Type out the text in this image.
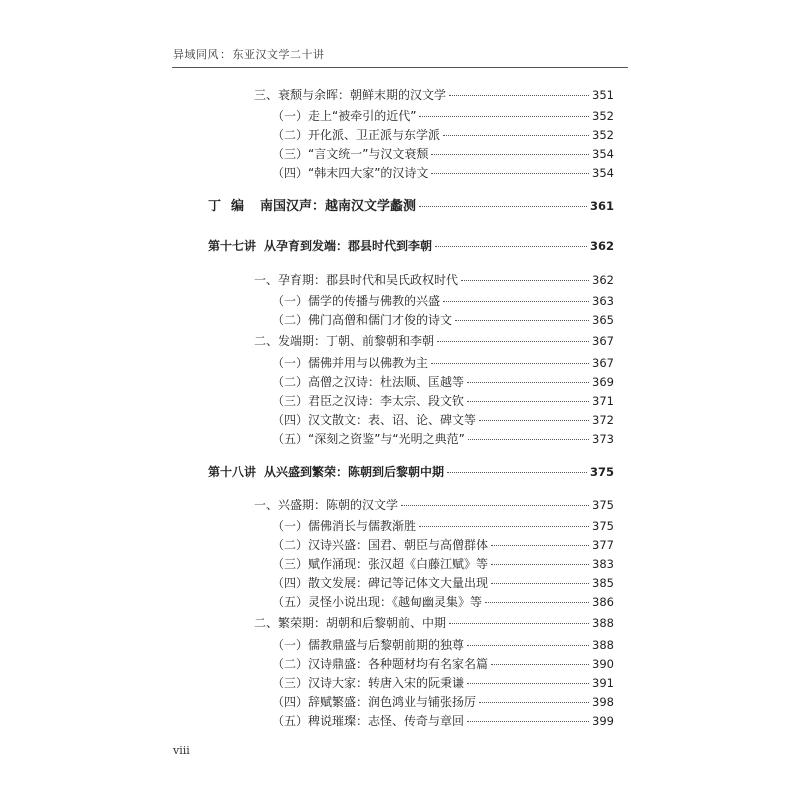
异域同风：东亚汉文学二十讲
三、衰颓与余晖：朝鲜末期的汉文学	351
（一）走上“被牵引的近代”	352
（二）开化派、卫正派与东学派	352
（三）“言文统一”与汉文衰颓	354
（四）“韩末四大家”的汉诗文	354
丁编 南国汉声：越南汉文学蠡测	361
第十七讲 从孕育到发端：郡县时代到李朝	362
一、孕育期：郡县时代和吴氏政权时代	362
（一）儒学的传播与佛教的兴盛	363
（二）佛门高僧和儒门才俊的诗文	365
二、发端期：丁朝、前黎朝和李朝	367
（一）儒佛并用与以佛教为主	367
（二）高僧之汉诗：杜法顺、匡越等	369
（三）君臣之汉诗：李太宗、段文钦	371
（四）汉文散文：表、诏、论、碑文等	372
（五）“深刻之资鉴”与“光明之典范”	373
第十八讲 从兴盛到繁荣：陈朝到后黎朝中期	375
一、兴盛期：陈朝的汉文学	375
（一）儒佛消长与儒教渐胜	375
（二）汉诗兴盛：国君、朝臣与高僧群体	377
（三）赋作涌现：张汉超《白藤江赋》等	383
（四）散文发展：碑记等记体文大量出现	385
（五）灵怪小说出现：《越甸幽灵集》等	386
二、繁荣期：胡朝和后黎朝前、中期	388
（一）儒教鼎盛与后黎朝前期的独尊	388
（二）汉诗鼎盛：各种题材均有名家名篇	390
（三）汉诗大家：转唐入宋的阮秉谦	391
（四）辞赋繁盛：润色鸿业与铺张扬厉	398
（五）稗说璀璨：志怪、传奇与章回	399
viii
